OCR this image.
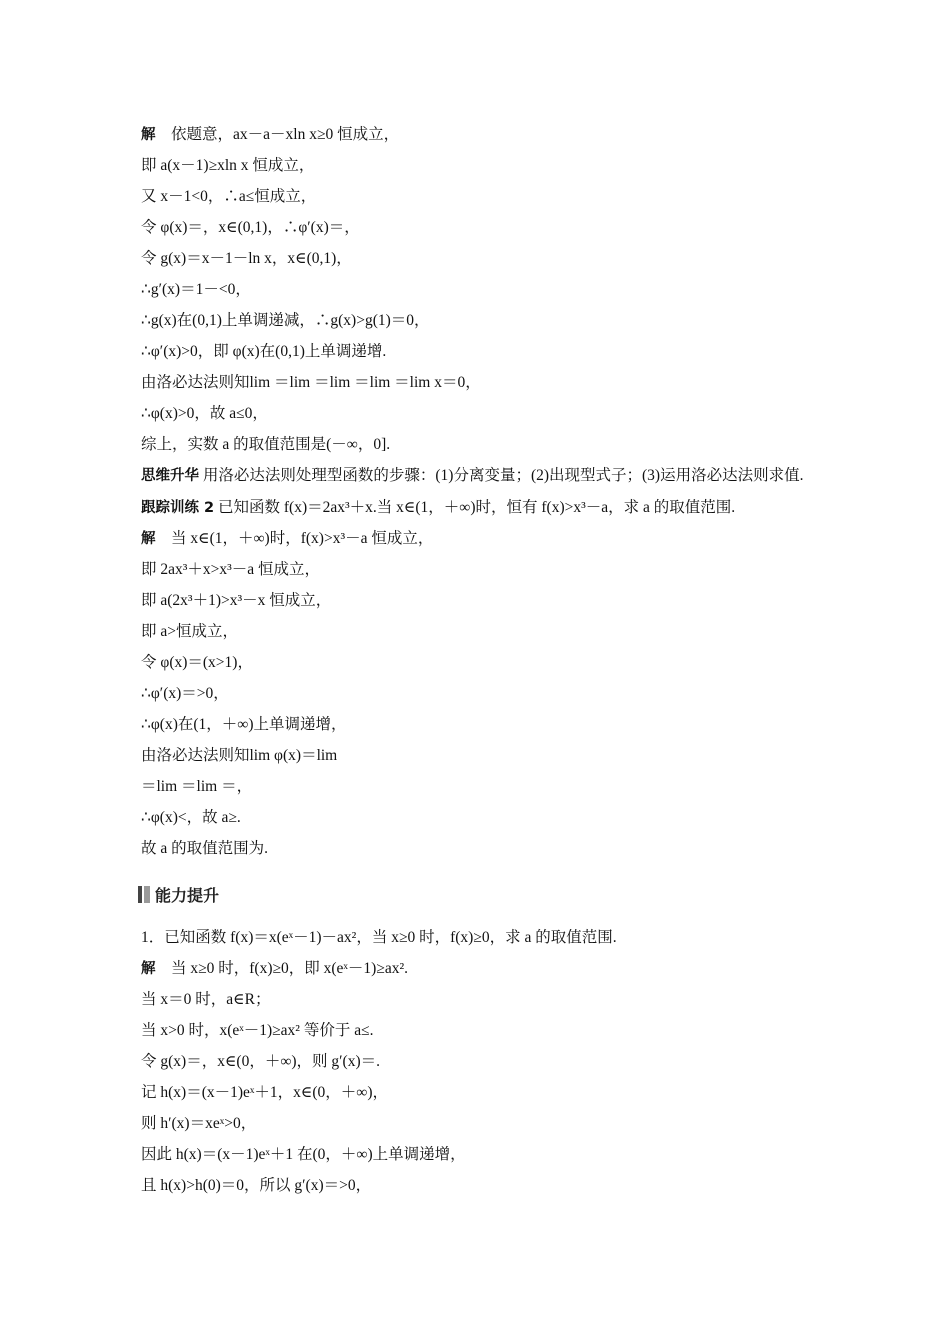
解　依题意，ax－a－xln x≥0 恒成立，
即 a(x－1)≥xln x 恒成立，
又 x－1<0，∴a≤恒成立，
令 φ(x)＝，x∈(0,1)，∴φ′(x)＝，
令 g(x)＝x－1－ln x，x∈(0,1)，
∴g′(x)＝1－<0，
∴g(x)在(0,1)上单调递减，∴g(x)>g(1)＝0，
∴φ′(x)>0，即 φ(x)在(0,1)上单调递增.
由洛必达法则知lim ＝lim ＝lim ＝lim ＝lim x＝0，
∴φ(x)>0，故 a≤0，
综上，实数 a 的取值范围是(－∞，0].
思维升华 用洛必达法则处理型函数的步骤：(1)分离变量；(2)出现型式子；(3)运用洛必达法则求值.
跟踪训练 2 已知函数 f(x)＝2ax³＋x.当 x∈(1，＋∞)时，恒有 f(x)>x³－a，求 a 的取值范围.
解　当 x∈(1，＋∞)时，f(x)>x³－a 恒成立，
即 2ax³＋x>x³－a 恒成立，
即 a(2x³＋1)>x³－x 恒成立，
即 a>恒成立，
令 φ(x)＝(x>1)，
∴φ′(x)＝>0，
∴φ(x)在(1，＋∞)上单调递增，
由洛必达法则知lim φ(x)＝lim
＝lim ＝lim ＝，
∴φ(x)<，故 a≥.
故 a 的取值范围为.
能力提升
1．已知函数 f(x)＝x(eˣ－1)－ax²，当 x≥0 时，f(x)≥0，求 a 的取值范围.
解　当 x≥0 时，f(x)≥0，即 x(eˣ－1)≥ax².
当 x＝0 时，a∈R；
当 x>0 时，x(eˣ－1)≥ax² 等价于 a≤.
令 g(x)＝，x∈(0，＋∞)，则 g′(x)＝.
记 h(x)＝(x－1)eˣ＋1，x∈(0，＋∞)，
则 h′(x)＝xeˣ>0，
因此 h(x)＝(x－1)eˣ＋1 在(0，＋∞)上单调递增，
且 h(x)>h(0)＝0，所以 g′(x)＝>0，
